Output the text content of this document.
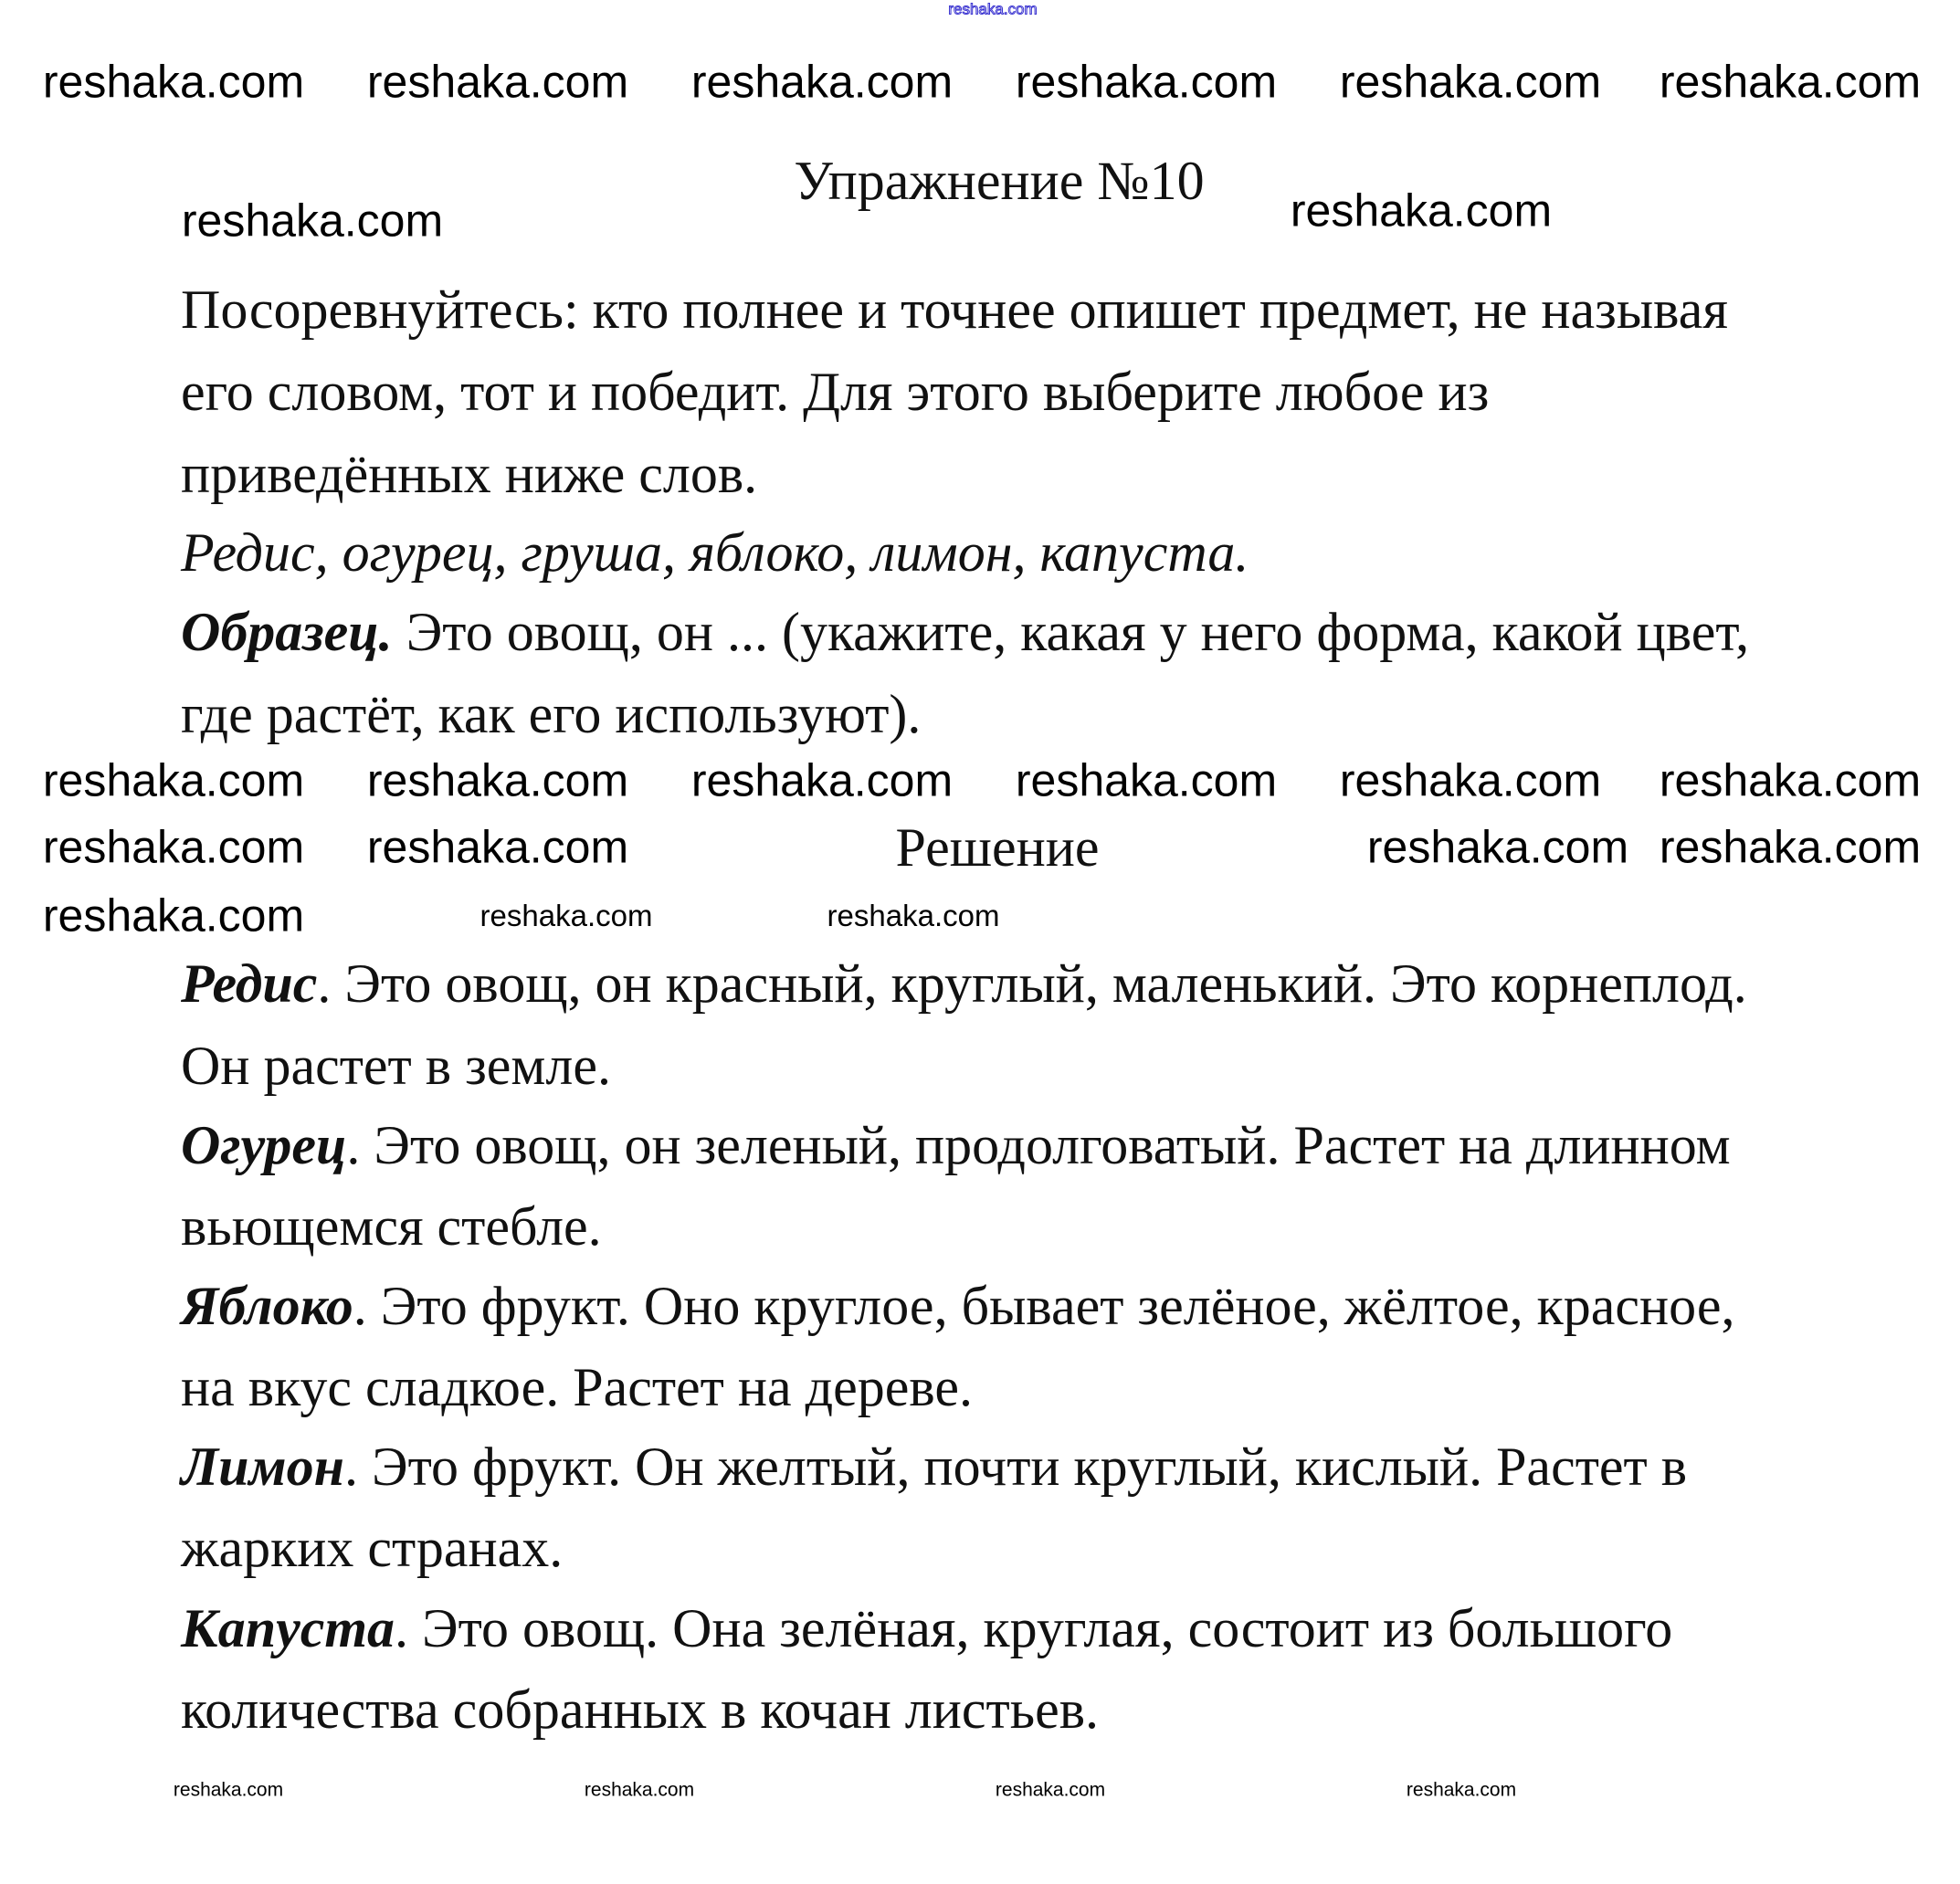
Упражнение №10
Посоревнуйтесь: кто полнее и точнее опишет предмет, не называя
его словом, тот и победит. Для этого выберите любое из
приведённых ниже слов.
Редис, огурец, груша, яблоко, лимон, капуста.
Образец. Это овощ, он ... (укажите, какая у него форма, какой цвет,
где растёт, как его используют).
Решение
Редис. Это овощ, он красный, круглый, маленький. Это корнеплод.
Он растет в земле.
Огурец. Это овощ, он зеленый, продолговатый. Растет на длинном
вьющемся стебле.
Яблоко. Это фрукт. Оно круглое, бывает зелёное, жёлтое, красное,
на вкус сладкое. Растет на дереве.
Лимон. Это фрукт. Он желтый, почти круглый, кислый. Растет в
жарких странах.
Капуста. Это овощ. Она зелёная, круглая, состоит из большого
количества собранных в кочан листьев.
reshaka.com
reshaka.com reshaka.com reshaka.com reshaka.com reshaka.com reshaka.com
reshaka.com	reshaka.com
reshaka.com reshaka.com reshaka.com reshaka.com reshaka.com reshaka.com
reshaka.com reshaka.com	reshaka.com reshaka.com
reshaka.com	reshaka.com	reshaka.com
reshaka.com	reshaka.com	reshaka.com	reshaka.com
